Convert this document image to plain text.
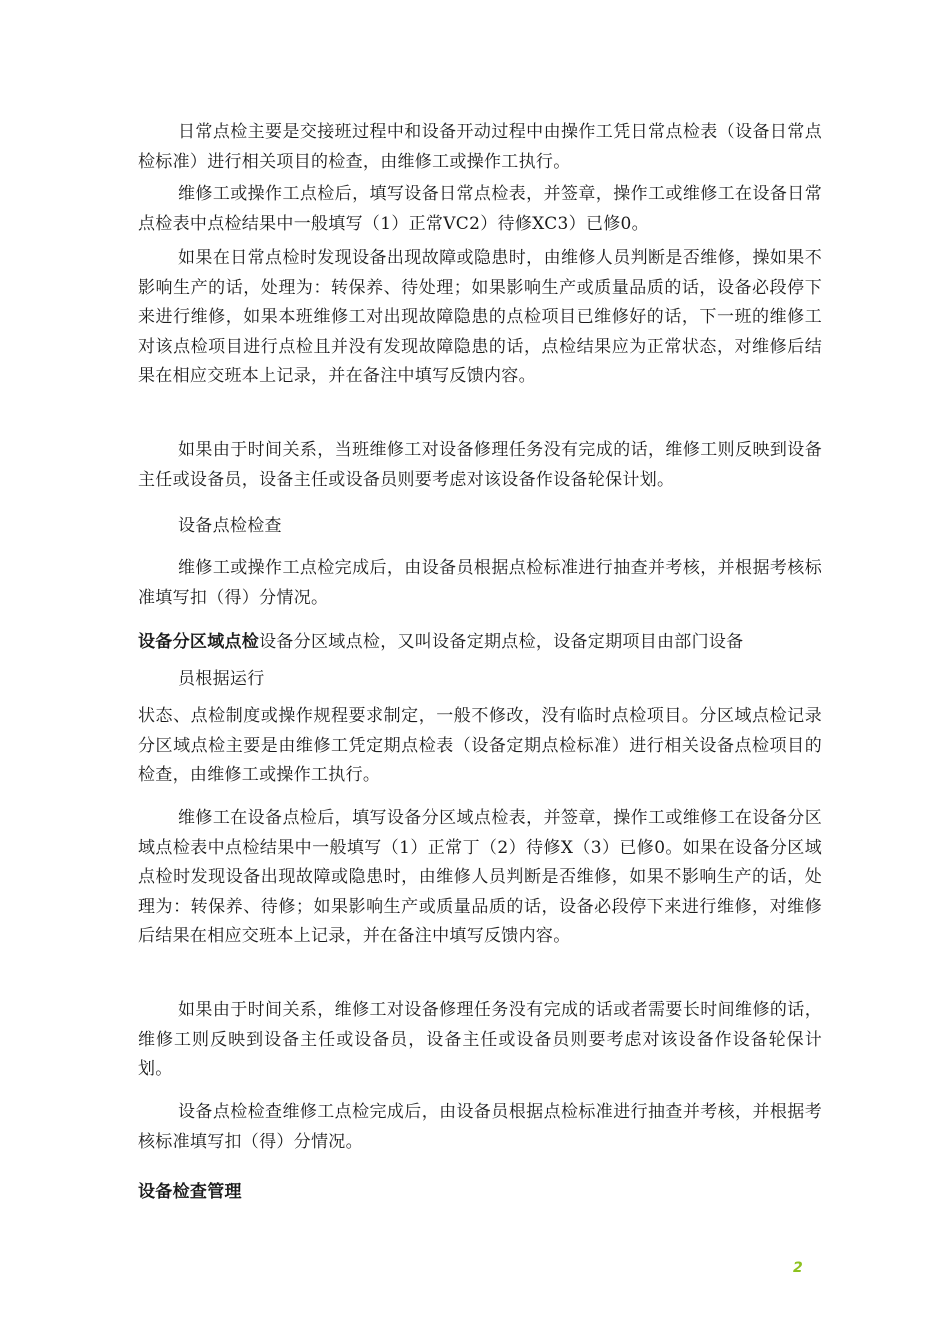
日常点检主要是交接班过程中和设备开动过程中由操作工凭日常点检表（设备日常点检标准）进行相关项目的检查，由维修工或操作工执行。

维修工或操作工点检后，填写设备日常点检表，并签章，操作工或维修工在设备日常点检表中点检结果中一般填写（1）正常VC2）待修XC3）已修0。

如果在日常点检时发现设备出现故障或隐患时，由维修人员判断是否维修，操如果不影响生产的话，处理为：转保养、待处理；如果影响生产或质量品质的话，设备必段停下来进行维修，如果本班维修工对出现故障隐患的点检项目已维修好的话，下一班的维修工对该点检项目进行点检且并没有发现故障隐患的话，点检结果应为正常状态，对维修后结果在相应交班本上记录，并在备注中填写反馈内容。

如果由于时间关系，当班维修工对设备修理任务没有完成的话，维修工则反映到设备主任或设备员，设备主任或设备员则要考虑对该设备作设备轮保计划。

设备点检检查

维修工或操作工点检完成后，由设备员根据点检标准进行抽查并考核，并根据考核标准填写扣（得）分情况。

设备分区域点检设备分区域点检，又叫设备定期点检，设备定期项目由部门设备

员根据运行

状态、点检制度或操作规程要求制定，一般不修改，没有临时点检项目。分区域点检记录分区域点检主要是由维修工凭定期点检表（设备定期点检标准）进行相关设备点检项目的检查，由维修工或操作工执行。

维修工在设备点检后，填写设备分区域点检表，并签章，操作工或维修工在设备分区域点检表中点检结果中一般填写（1）正常丁（2）待修X（3）已修0。如果在设备分区域点检时发现设备出现故障或隐患时，由维修人员判断是否维修，如果不影响生产的话，处理为：转保养、待修；如果影响生产或质量品质的话，设备必段停下来进行维修，对维修后结果在相应交班本上记录，并在备注中填写反馈内容。

如果由于时间关系，维修工对设备修理任务没有完成的话或者需要长时间维修的话，维修工则反映到设备主任或设备员，设备主任或设备员则要考虑对该设备作设备轮保计划。

设备点检检查维修工点检完成后，由设备员根据点检标准进行抽查并考核，并根据考核标准填写扣（得）分情况。

设备检查管理

2
